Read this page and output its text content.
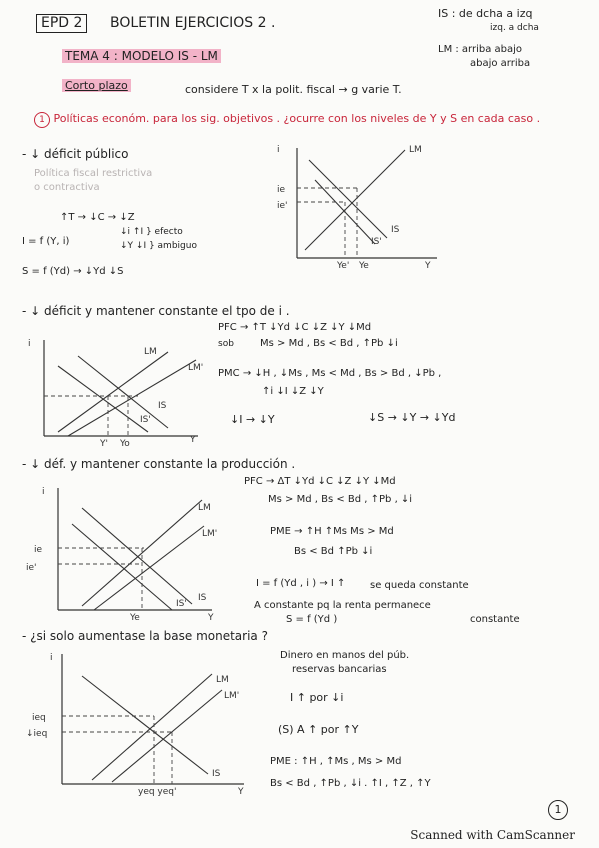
EPD 2	BOLETIN EJERCICIOS 2 .
TEMA 4 : MODELO IS - LM
Corto plazo	considere T x la polit. fiscal → g varie T.
IS : de dcha a izq
izq. a dcha
LM : arriba abajo
abajo arriba
1 Políticas económ. para los sig. objetivos . ¿ocurre con los niveles de Y y S en cada caso .
- ↓ déficit público
Política fiscal restrictiva
o contractiva
↑T → ↓C → ↓Z
I = f (Y, i)
↓i ↑I } efecto
↓Y ↓I } ambiguo
S = f (Yd) → ↓Yd ↓S
i
ie
ie'
Y
Ye' Ye
LM
IS
IS'
- ↓ déficit y mantener constante el tpo de i .
PFC → ↑T ↓Yd ↓C ↓Z ↓Y ↓Md
sob	Ms > Md , Bs < Bd , ↑Pb ↓i
PMC → ↓H , ↓Ms , Ms < Md , Bs > Bd , ↓Pb ,
↑i ↓I ↓Z ↓Y
↓I → ↓Y	↓S → ↓Y → ↓Yd
i
Y
LM
LM'
IS
IS'
Y' Yo
- ↓ déf. y mantener constante la producción .
PFC → ΔT ↓Yd ↓C ↓Z ↓Y ↓Md
Ms > Md , Bs < Bd , ↑Pb , ↓i
PME → ↑H ↑Ms Ms > Md
Bs < Bd ↑Pb ↓i
I = f (Yd , i ) → I ↑ se queda constante
A constante pq la renta permanece
S = f (Yd )	constante
i
ie
ie'
Y
Ye
LM
LM'
IS
IS'
- ¿si solo aumentase la base monetaria ?
Dinero en manos del púb.
reservas bancarias
I ↑ por ↓i
(S) A ↑ por ↑Y
PME : ↑H , ↑Ms , Ms > Md
Bs < Bd , ↑Pb , ↓i . ↑I , ↑Z , ↑Y
i
ieq
↓ieq
Y
yeq yeq'
LM
LM'
IS
1
Scanned with CamScanner
